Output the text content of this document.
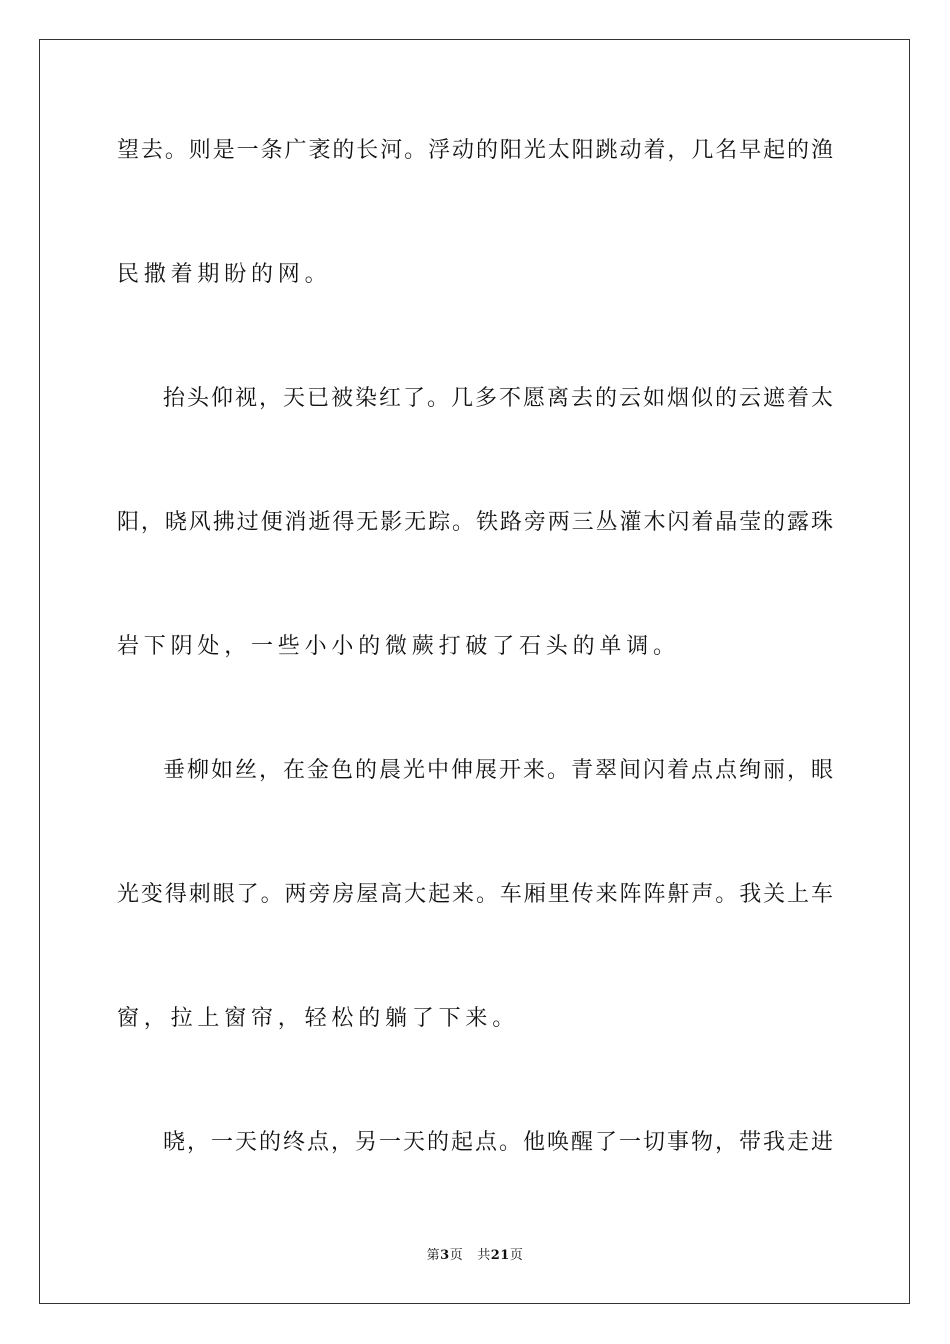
望去。则是一条广袤的长河。浮动的阳光太阳跳动着，几名早起的渔
民撒着期盼的网。
抬头仰视，天已被染红了。几多不愿离去的云如烟似的云遮着太
阳，晓风拂过便消逝得无影无踪。铁路旁两三丛灌木闪着晶莹的露珠
岩下阴处，一些小小的微蕨打破了石头的单调。
垂柳如丝，在金色的晨光中伸展开来。青翠间闪着点点绚丽，眼
光变得刺眼了。两旁房屋高大起来。车厢里传来阵阵鼾声。我关上车
窗，拉上窗帘，轻松的躺了下来。
晓，一天的终点，另一天的起点。他唤醒了一切事物，带我走进
第3页 共21页
